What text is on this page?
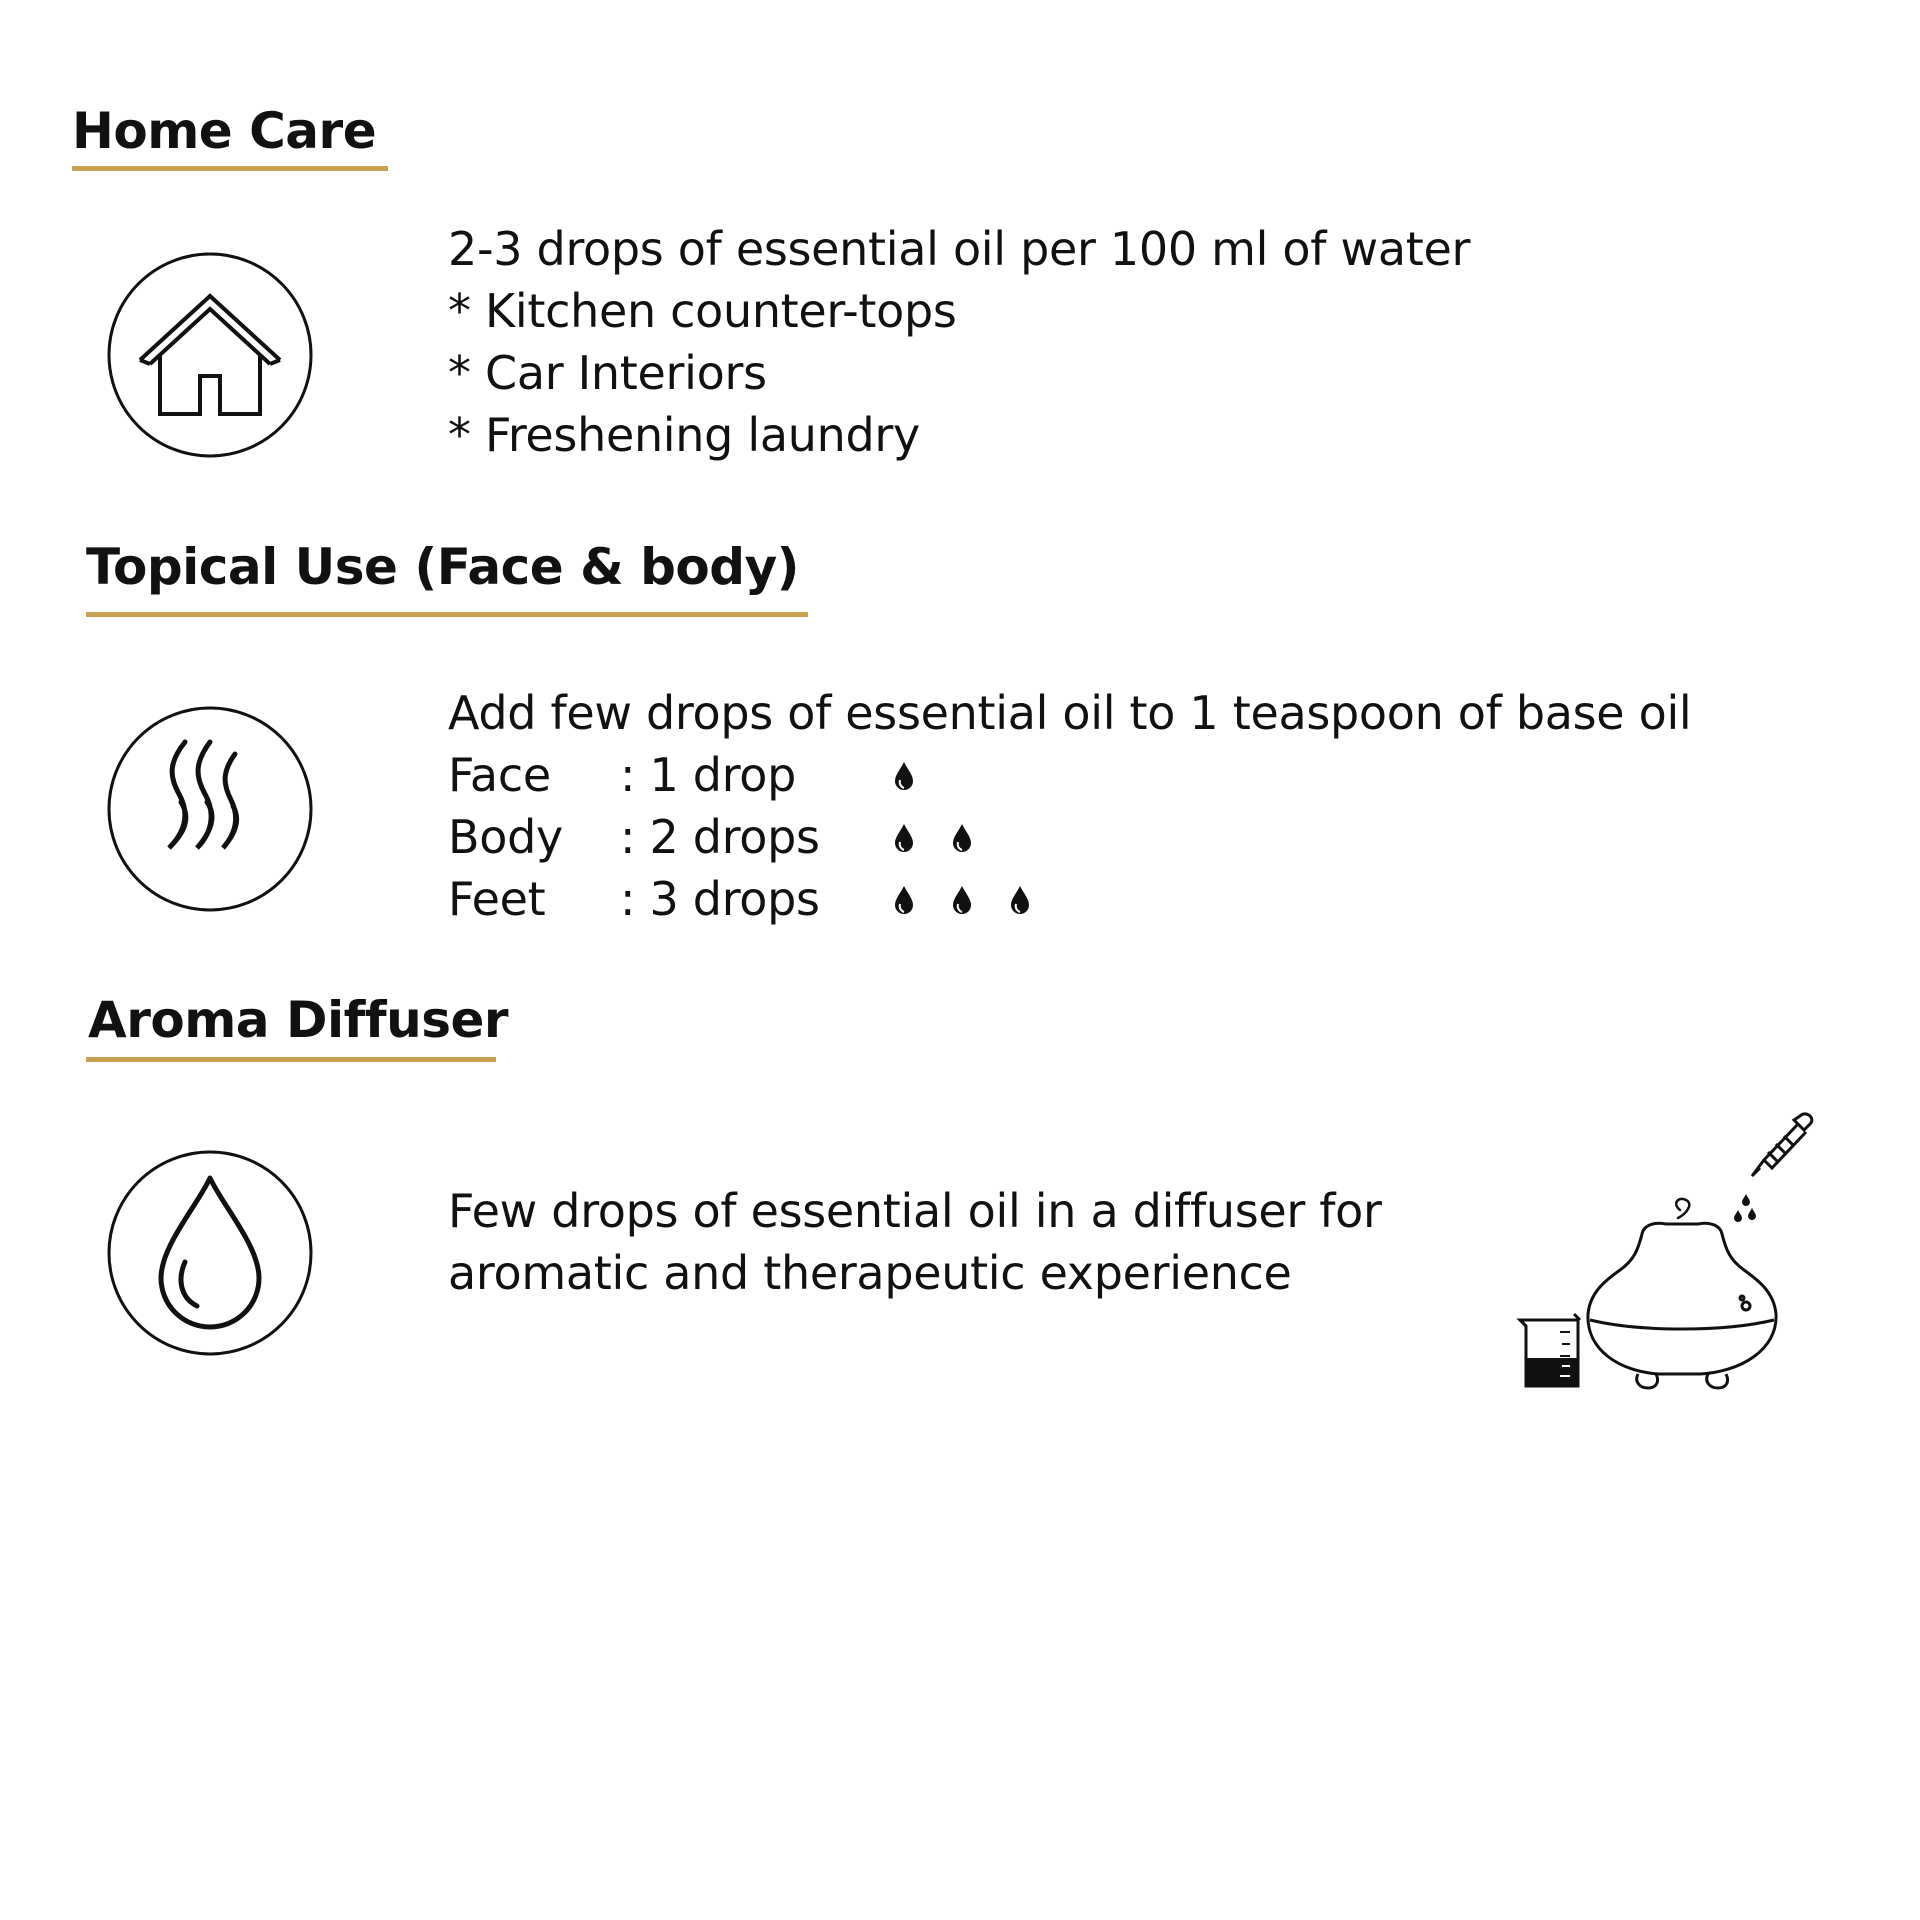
Home Care
2-3 drops of essential oil per 100 ml of water
* Kitchen counter-tops
* Car Interiors
* Freshening laundry
Topical Use (Face & body)
Add few drops of essential oil to 1 teaspoon of base oil
Face : 1 drop
Body : 2 drops
Feet : 3 drops
Aroma Diffuser
Few drops of essential oil in a diffuser for
aromatic and therapeutic experience
